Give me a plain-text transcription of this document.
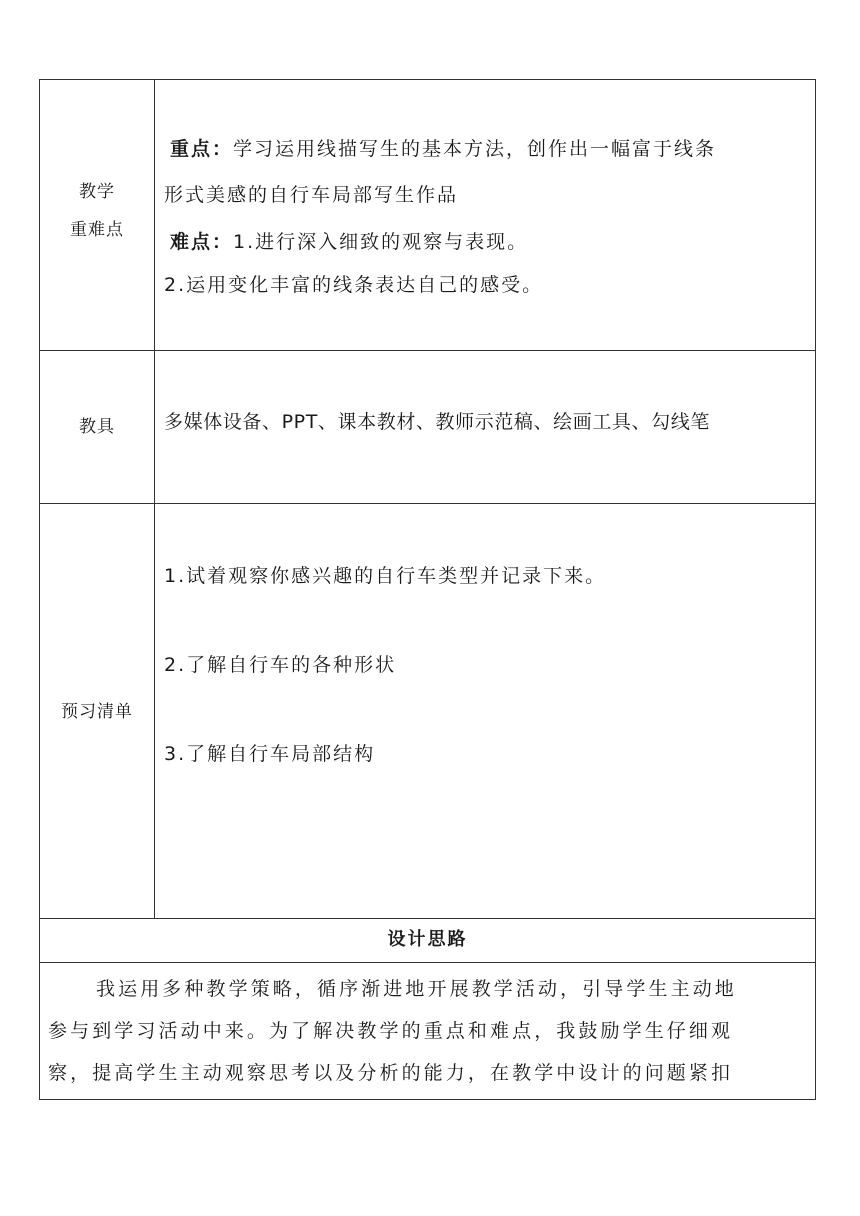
教学
重难点
重点：学习运用线描写生的基本方法，创作出一幅富于线条
形式美感的自行车局部写生作品
难点：1.进行深入细致的观察与表现。
2.运用变化丰富的线条表达自己的感受。
教具	多媒体设备、PPT、课本教材、教师示范稿、绘画工具、勾线笔
预习清单
1.试着观察你感兴趣的自行车类型并记录下来。
2.了解自行车的各种形状
3.了解自行车局部结构
设计思路
我运用多种教学策略，循序渐进地开展教学活动，引导学生主动地
参与到学习活动中来。为了解决教学的重点和难点，我鼓励学生仔细观
察，提高学生主动观察思考以及分析的能力，在教学中设计的问题紧扣
